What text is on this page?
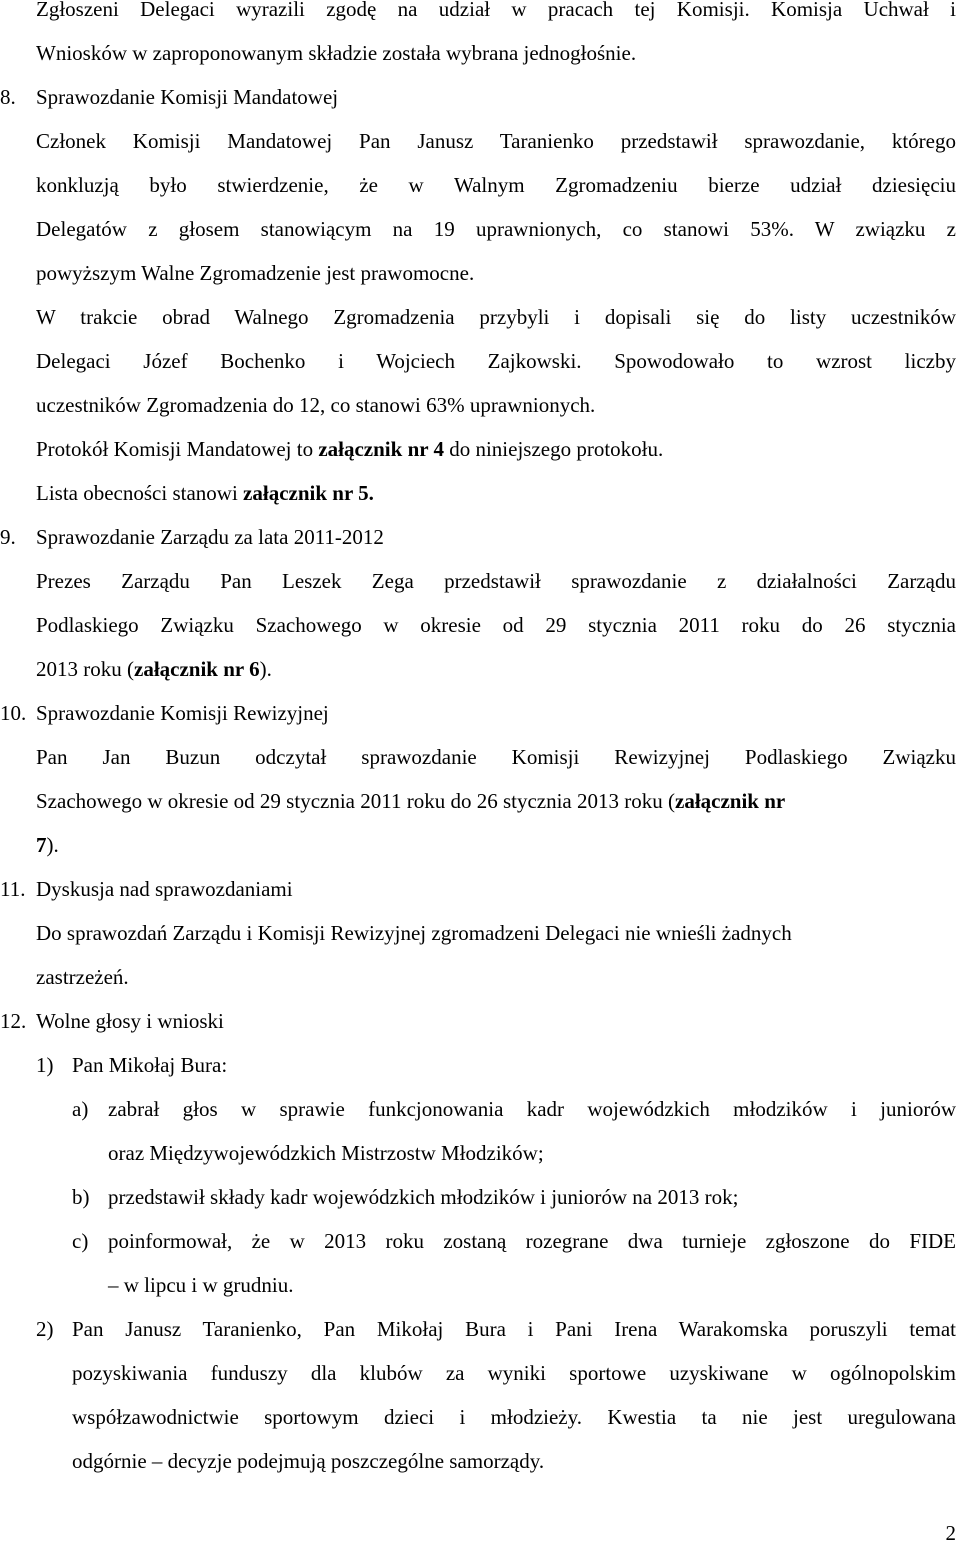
Zgłoszeni Delegaci wyrazili zgodę na udział w pracach tej Komisji. Komisja Uchwał i
Wniosków w zaproponowanym składzie została wybrana jednogłośnie.
8. Sprawozdanie Komisji Mandatowej
Członek Komisji Mandatowej Pan Janusz Taranienko przedstawił sprawozdanie, którego
konkluzją było stwierdzenie, że w Walnym Zgromadzeniu bierze udział dziesięciu
Delegatów z głosem stanowiącym na 19 uprawnionych, co stanowi 53%. W związku z
powyższym Walne Zgromadzenie jest prawomocne.
W trakcie obrad Walnego Zgromadzenia przybyli i dopisali się do listy uczestników
Delegaci Józef Bochenko i Wojciech Zajkowski. Spowodowało to wzrost liczby
uczestników Zgromadzenia do 12, co stanowi 63% uprawnionych.
Protokół Komisji Mandatowej to załącznik nr 4 do niniejszego protokołu.
Lista obecności stanowi załącznik nr 5.
9. Sprawozdanie Zarządu za lata 2011-2012
Prezes Zarządu Pan Leszek Zega przedstawił sprawozdanie z działalności Zarządu
Podlaskiego Związku Szachowego w okresie od 29 stycznia 2011 roku do 26 stycznia
2013 roku (załącznik nr 6).
10. Sprawozdanie Komisji Rewizyjnej
Pan Jan Buzun odczytał sprawozdanie Komisji Rewizyjnej Podlaskiego Związku
Szachowego w okresie od 29 stycznia 2011 roku do 26 stycznia 2013 roku (załącznik nr
7).
11. Dyskusja nad sprawozdaniami
Do sprawozdań Zarządu i Komisji Rewizyjnej zgromadzeni Delegaci nie wnieśli żadnych
zastrzeżeń.
12. Wolne głosy i wnioski
1) Pan Mikołaj Bura:
a) zabrał głos w sprawie funkcjonowania kadr wojewódzkich młodzików i juniorów
oraz Międzywojewódzkich Mistrzostw Młodzików;
b) przedstawił składy kadr wojewódzkich młodzików i juniorów na 2013 rok;
c) poinformował, że w 2013 roku zostaną rozegrane dwa turnieje zgłoszone do FIDE
– w lipcu i w grudniu.
2) Pan Janusz Taranienko, Pan Mikołaj Bura i Pani Irena Warakomska poruszyli temat
pozyskiwania funduszy dla klubów za wyniki sportowe uzyskiwane w ogólnopolskim
współzawodnictwie sportowym dzieci i młodzieży. Kwestia ta nie jest uregulowana
odgórnie – decyzje podejmują poszczególne samorządy.
2
